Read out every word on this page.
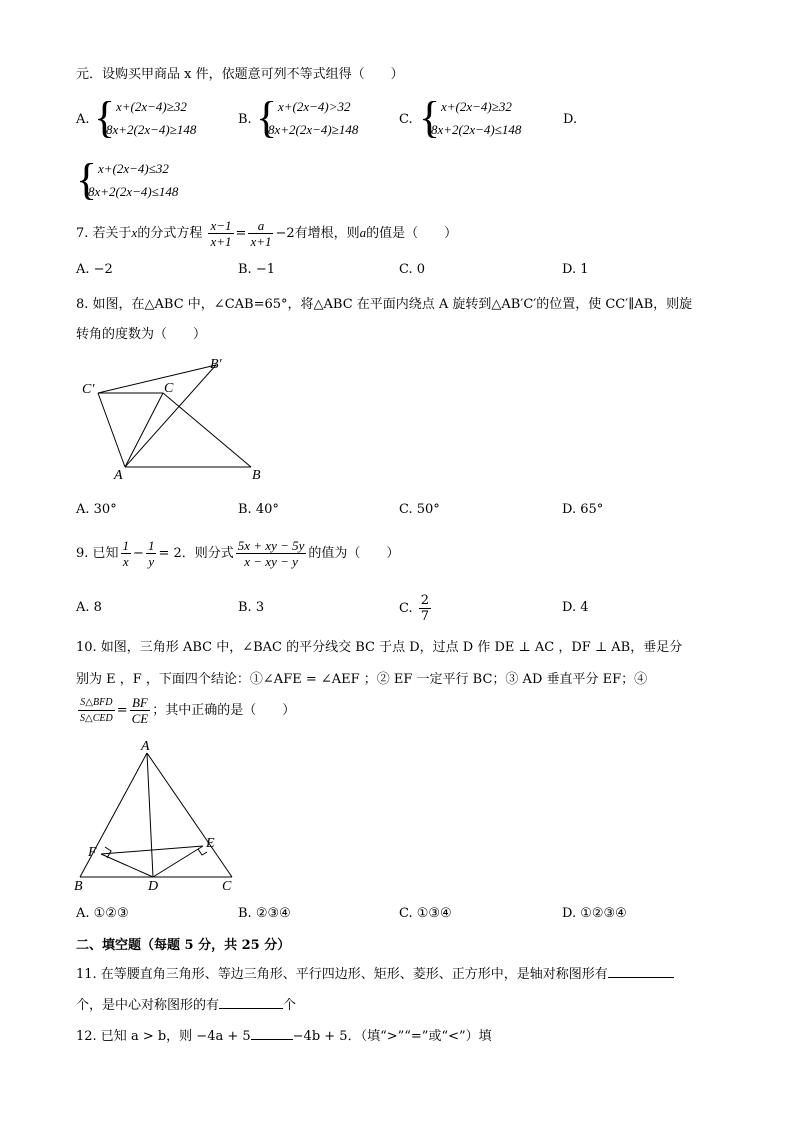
元．设购买甲商品 x 件，依题意可列不等式组得（　　）
A. { x+(2x−4)≥32
8x+2(2x−4)≥148
B. { x+(2x−4)>32
8x+2(2x−4)≥148
C. { x+(2x−4)≥32
8x+2(2x−4)≤148
D.
{ x+(2x−4)≤32
8x+2(2x−4)≤148
7. 若关于x的分式方程 $\frac{x-1}{x+1} = \frac{a}{x+1} -2$有增根，则a的值是（　　）
A. −2	B. −1	C. 0	D. 1
8. 如图，在△ABC 中，∠CAB=65°，将△ABC 在平面内绕点 A 旋转到△AB′C′的位置，使 CC′∥AB，则旋
转角的度数为（　　）
C′	C
B′
A	B
A. 30°	B. 40°	C. 50°	D. 65°
9. 已知 $\frac{1}{x} - \frac{1}{y} = 2$．则分式 $\frac{5x + xy - 5y}{x - xy - y}$ 的值为（　　）
A. 8	B. 3	C. $\frac{2}{7}$	D. 4
10. 如图，三角形 ABC 中，∠BAC 的平分线交 BC 于点 D，过点 D 作 DE ⊥ AC ，DF ⊥ AB，垂足分
别为 E ，F ，下面四个结论：①∠AFE = ∠AEF ；② EF 一定平行 BC；③ AD 垂直平分 EF；④
$\frac{\text{S△BFD}}{\text{S△CED}} = \frac{BF}{CE}$ ；其中正确的是（　　）
A
F
E
B	D	C
A. ①②③	B. ②③④	C. ①③④	D. ①②③④
二、填空题（每题 5 分，共 25 分）
11. 在等腰直角三角形、等边三角形、平行四边形、矩形、菱形、正方形中，是轴对称图形有
个，是中心对称图形的有	个
12. 已知 a > b，则 −4a + 5	−4b + 5．（填“>”“=”或“<”）填
